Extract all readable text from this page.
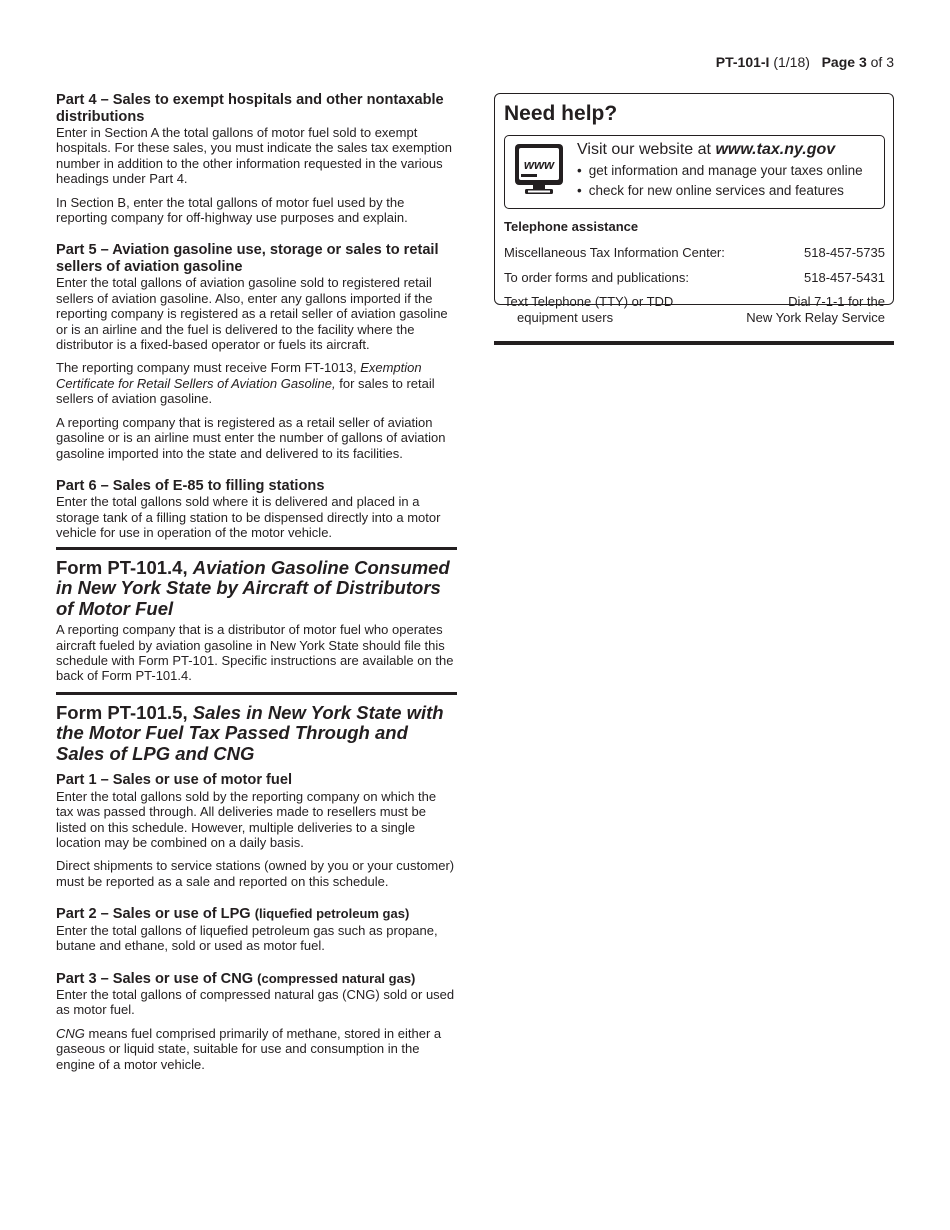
PT-101-I (1/18) Page 3 of 3
Part 4 – Sales to exempt hospitals and other nontaxable distributions

Enter in Section A the total gallons of motor fuel sold to exempt hospitals. For these sales, you must indicate the sales tax exemption number in addition to the other information requested in the various headings under Part 4.

In Section B, enter the total gallons of motor fuel used by the reporting company for off-highway use purposes and explain.

Part 5 – Aviation gasoline use, storage or sales to retail sellers of aviation gasoline

Enter the total gallons of aviation gasoline sold to registered retail sellers of aviation gasoline. Also, enter any gallons imported if the reporting company is registered as a retail seller of aviation gasoline or is an airline and the fuel is delivered to the facility where the distributor is a fixed-based operator or fuels its aircraft.

The reporting company must receive Form FT-1013, Exemption Certificate for Retail Sellers of Aviation Gasoline, for sales to retail sellers of aviation gasoline.

A reporting company that is registered as a retail seller of aviation gasoline or is an airline must enter the number of gallons of aviation gasoline imported into the state and delivered to its facilities.

Part 6 – Sales of E-85 to filling stations

Enter the total gallons sold where it is delivered and placed in a storage tank of a filling station to be dispensed directly into a motor vehicle for use in operation of the motor vehicle.

Form PT-101.4, Aviation Gasoline Consumed in New York State by Aircraft of Distributors of Motor Fuel

A reporting company that is a distributor of motor fuel who operates aircraft fueled by aviation gasoline in New York State should file this schedule with Form PT-101. Specific instructions are available on the back of Form PT-101.4.

Form PT-101.5, Sales in New York State with the Motor Fuel Tax Passed Through and Sales of LPG and CNG
Part 1 – Sales or use of motor fuel

Enter the total gallons sold by the reporting company on which the tax was passed through. All deliveries made to resellers must be listed on this schedule. However, multiple deliveries to a single location may be combined on a daily basis.

Direct shipments to service stations (owned by you or your customer) must be reported as a sale and reported on this schedule.

Part 2 – Sales or use of LPG (liquefied petroleum gas)

Enter the total gallons of liquefied petroleum gas such as propane, butane and ethane, sold or used as motor fuel.

Part 3 – Sales or use of CNG (compressed natural gas)

Enter the total gallons of compressed natural gas (CNG) sold or used as motor fuel.

CNG means fuel comprised primarily of methane, stored in either a gaseous or liquid state, suitable for use and consumption in the engine of a motor vehicle.

Need help?
www
Visit our website at www.tax.ny.gov
• get information and manage your taxes online
• check for new online services and features
Telephone assistance
Miscellaneous Tax Information Center:	518-457-5735
To order forms and publications:	518-457-5431
Text Telephone (TTY) or TDD
equipment users
Dial 7-1-1 for the
New York Relay Service
